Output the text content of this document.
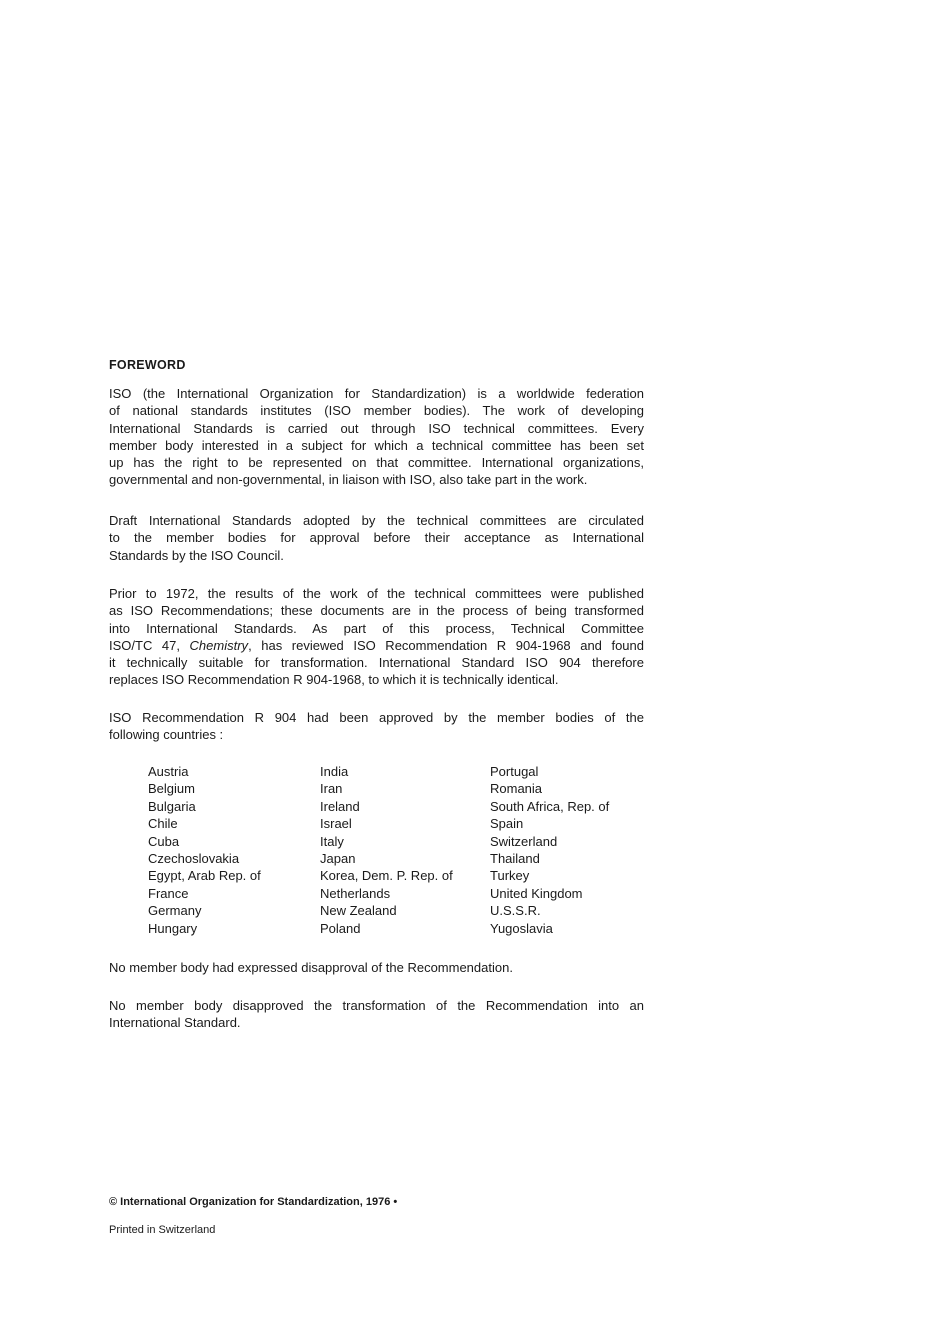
FOREWORD
ISO (the International Organization for Standardization) is a worldwide federation
of national standards institutes (ISO member bodies). The work of developing
International Standards is carried out through ISO technical committees. Every
member body interested in a subject for which a technical committee has been set
up has the right to be represented on that committee. International organizations,
governmental and non-governmental, in liaison with ISO, also take part in the work.
Draft International Standards adopted by the technical committees are circulated
to the member bodies for approval before their acceptance as International
Standards by the ISO Council.
Prior to 1972, the results of the work of the technical committees were published
as ISO Recommendations; these documents are in the process of being transformed
into International Standards. As part of this process, Technical Committee
ISO/TC 47, Chemistry, has reviewed ISO Recommendation R 904-1968 and found
it technically suitable for transformation. International Standard ISO 904 therefore
replaces ISO Recommendation R 904-1968, to which it is technically identical.
ISO Recommendation R 904 had been approved by the member bodies of the
following countries :
No member body had expressed disapproval of the Recommendation.
No member body disapproved the transformation of the Recommendation into an
International Standard.
Austria
Belgium
Bulgaria
Chile
Cuba
Czechoslovakia
Egypt, Arab Rep. of
France
Germany
Hungary
India
Iran
Ireland
Israel
Italy
Japan
Korea, Dem. P. Rep. of
Netherlands
New Zealand
Poland
Portugal
Romania
South Africa, Rep. of
Spain
Switzerland
Thailand
Turkey
United Kingdom
U.S.S.R.
Yugoslavia
© International Organization for Standardization, 1976 •
Printed in Switzerland
